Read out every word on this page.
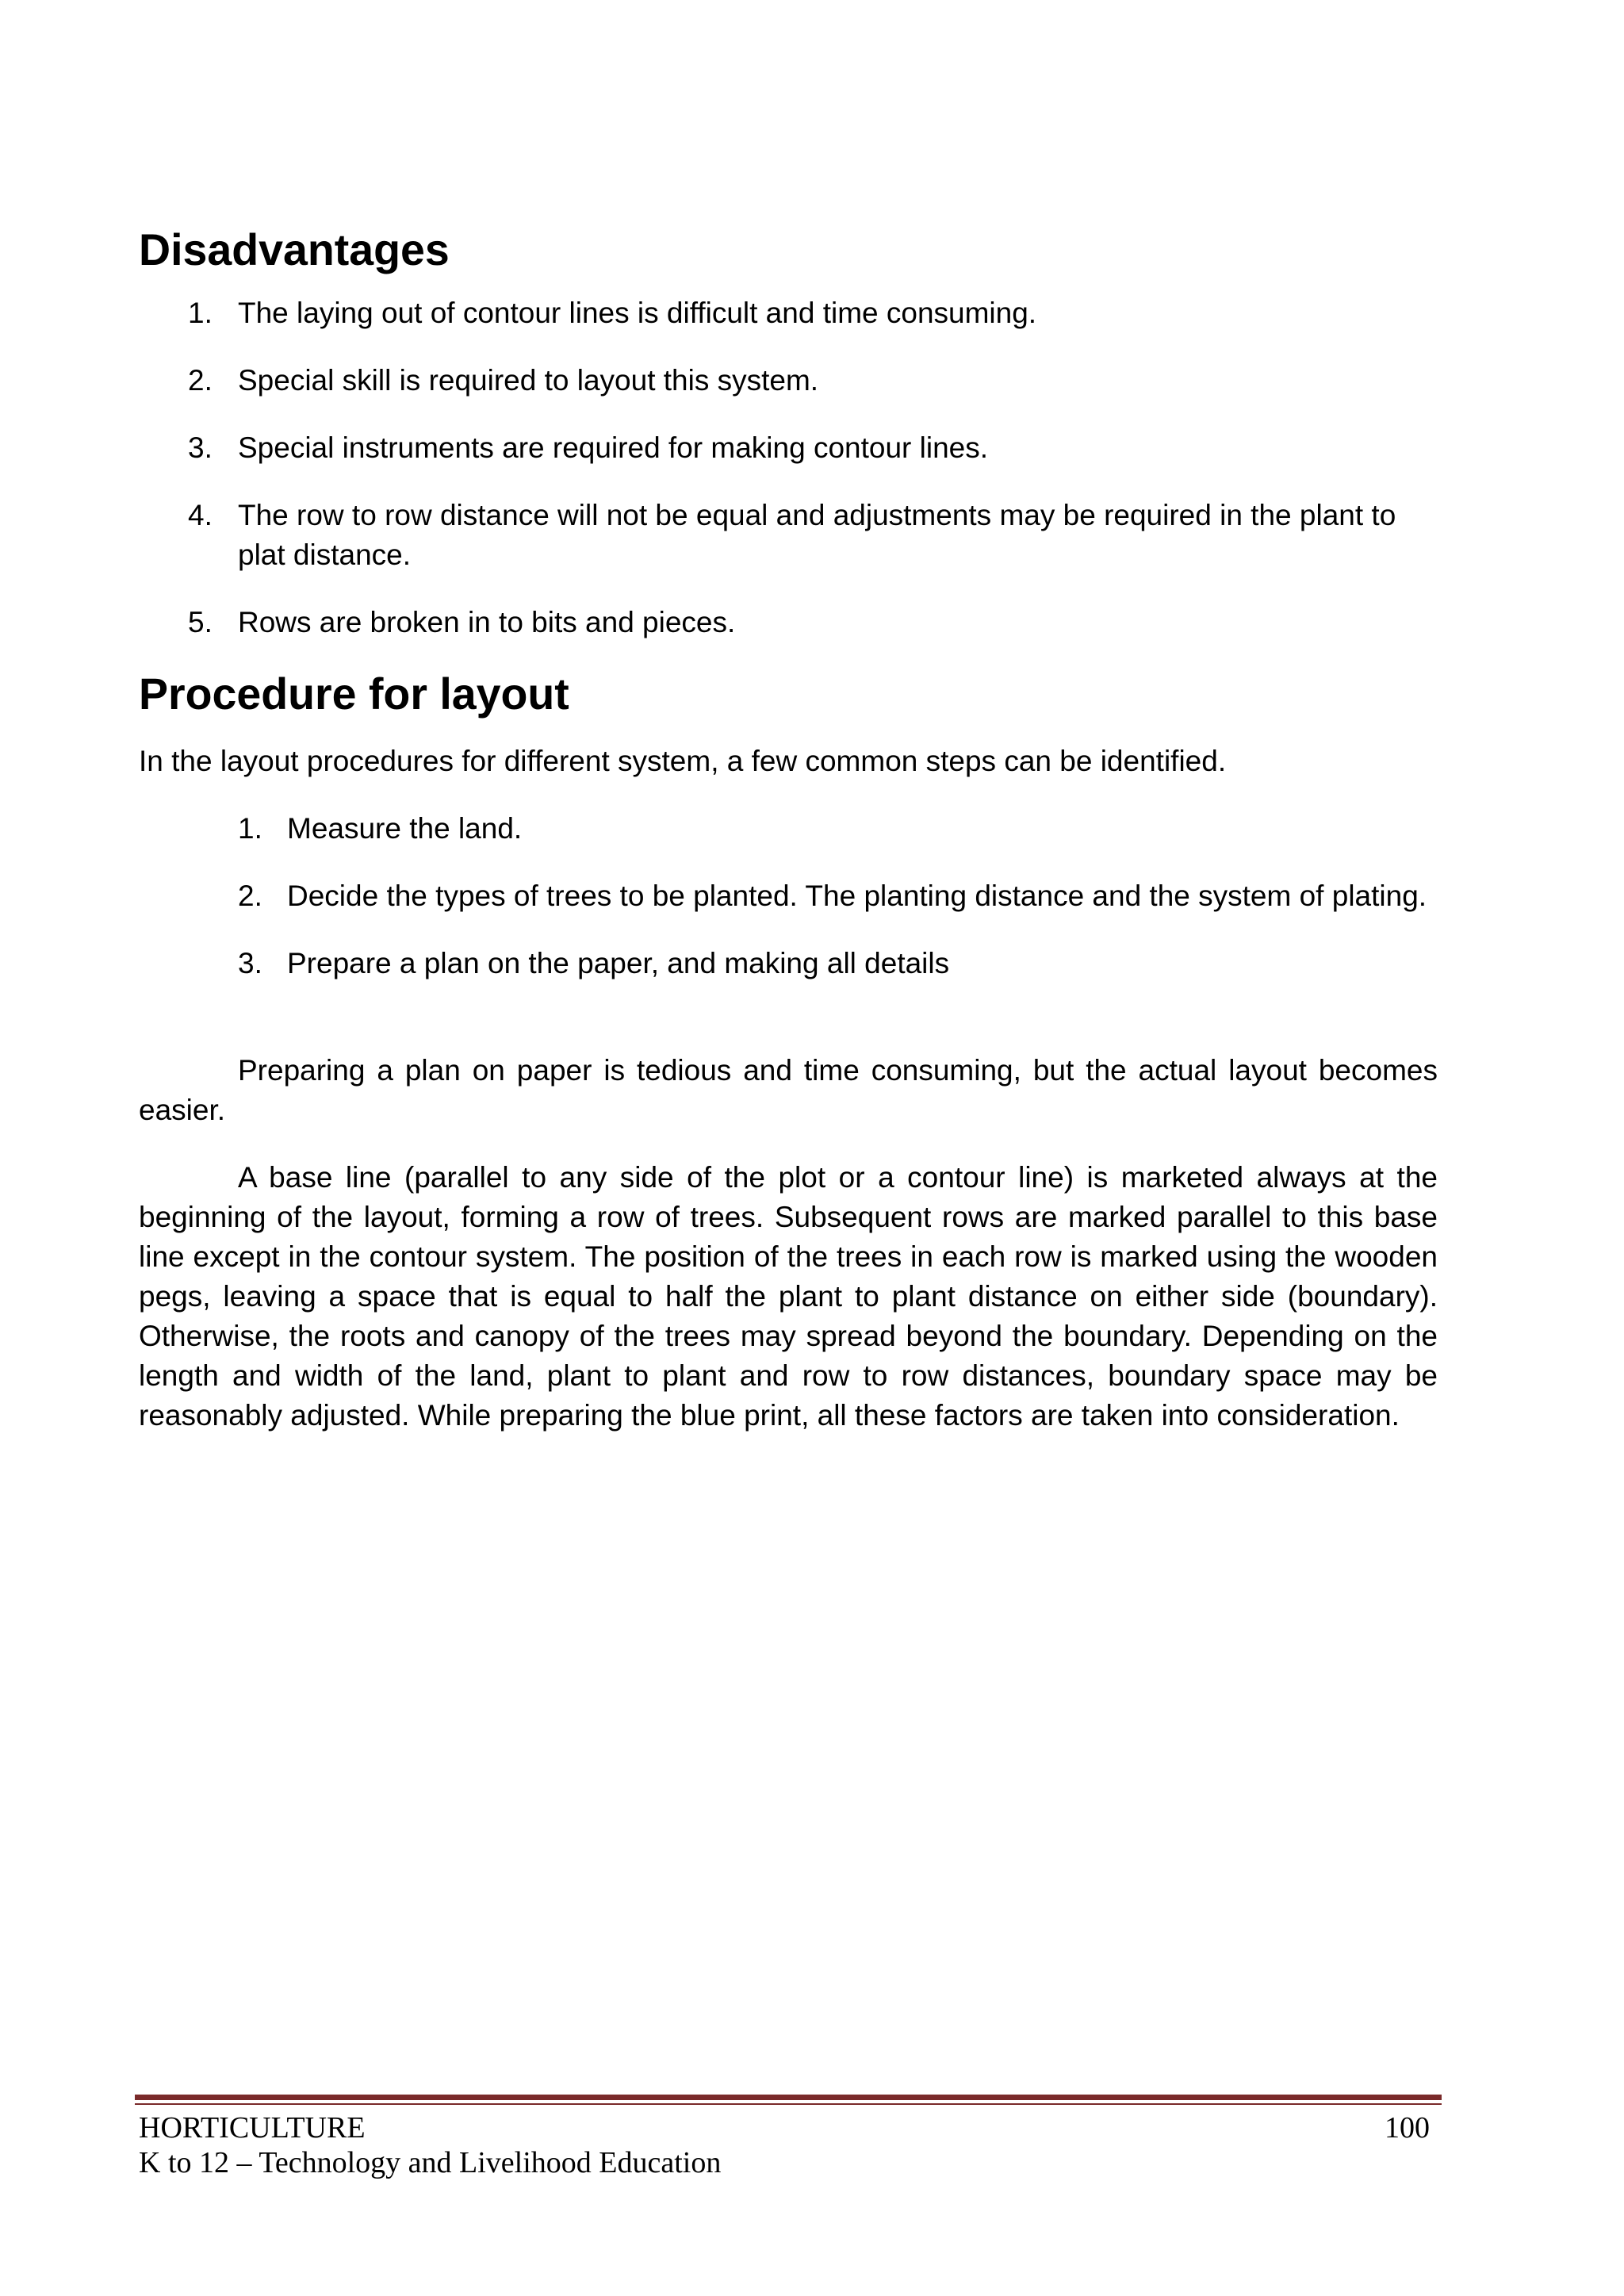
Disadvantages
1. The laying out of contour lines is difficult and time consuming.
2. Special skill is required to layout this system.
3. Special instruments are required for making contour lines.
4. The row to row distance will not be equal and adjustments may be required in the plant to plat distance.
5. Rows are broken in to bits and pieces.
Procedure for layout

In the layout procedures for different system, a few common steps can be identified.

1. Measure the land.
2. Decide the types of trees to be planted. The planting distance and the system of plating.
3. Prepare a plan on the paper, and making all details

Preparing a plan on paper is tedious and time consuming, but the actual layout becomes easier.

A base line (parallel to any side of the plot or a contour line) is marketed always at the beginning of the layout, forming a row of trees. Subsequent rows are marked parallel to this base line except in the contour system. The position of the trees in each row is marked using the wooden pegs, leaving a space that is equal to half the plant to plant distance on either side (boundary). Otherwise, the roots and canopy of the trees may spread beyond the boundary. Depending on the length and width of the land, plant to plant and row to row distances, boundary space may be reasonably adjusted. While preparing the blue print, all these factors are taken into consideration.

HORTICULTURE	100
K to 12 – Technology and Livelihood Education
